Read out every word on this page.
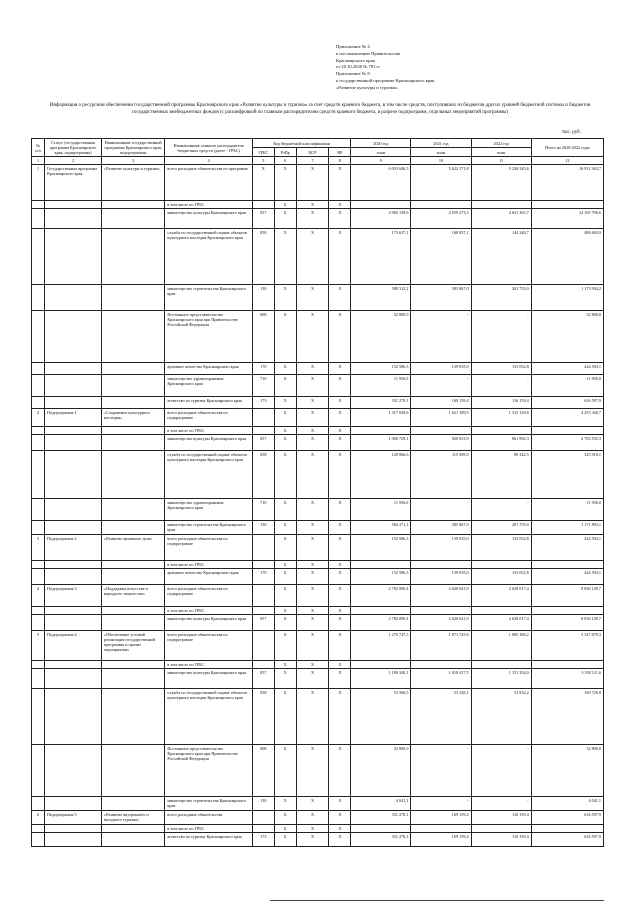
Приложение № 4
к постановлению Правительства
Красноярского края
от 20.10.2020 № 781-п
Приложение № 8
к государственной программе Красноярского края
«Развитие культуры и туризма»
Информация о ресурсном обеспечении государственной программы Красноярского края «Развитие культуры и туризма» за счет средств краевого бюджета, в том числе средств, поступивших из бюджетов других уровней бюджетной системы и бюджетов государственных внебюджетных фондов (с расшифровкой по главным распорядителям средств краевого бюджета, в разрезе подпрограмм, отдельных мероприятий программы)
тыс. руб.
№ п/п	Статус (государственная программа Красноярского края, подпрограмма)	Наименование государственной программы Красноярского края, подпрограммы	Наименование главного распорядителя бюджетных средств (далее - ГРБС)	Код бюджетной классификации				2020 год	2021 год	2022 год	Итого на 2020-2022 годы
				ГРБС	РзПр	ЦСР	ВР	план	план	план	
1	2	3	4	5	6	7	8	9	10	11	12
1	Государственная программа Красноярского края	«Развитие культуры и туризма»	всего расходные обязательства по программе	Х	Х	Х	Х	6 053 646,5	5 622 171,8	5 236 545,6	16 912 363,7
			в том числе по ГРБС		Х	Х	Х				
			министерство культуры Красноярского края	057	Х	Х	Х	4 965 159,6	4 559 273,3	4 641 363,7	14 165 796,6
			служба по государственной охране объектов культурного наследия Красноярского края	058	Х	Х	Х	173 637,1	168 837,1	144 246,7	486 684,9
			министерство строительства Красноярского края	130	Х	Х	Х	588 312,2	383 867,0	201 755,0	1 173 934,2
			Постоянное представительство Красноярского края при Правительстве Российской Федерации	008	Х	Х	Х	32 800,0	-	-	32 800,0
			архивное агентство Красноярского края	170	Х	Х	Х	152 506,3	139 035,0	133 052,8	424 594,1
			министерство здравоохранения Красноярского края	710	Х	Х	Х	11 956,0	-	-	11 956,0
			агентство по туризму Красноярского края	173	Х	Х	Х	331 279,1	169 159,4	116 159,4	616 597,9
2	Подпрограмма 1	«Сохранение культурного наследия»	всего расходные обязательства по подпрограмме		Х	Х	Х	1 317 020,6	1 621 189,9	1 315 129,8	4 253 340,7
			в том числе по ГРБС		Х	Х	Х				
			министерство культуры Красноярского края	057	Х	Х	Х	1 000 729,1	920 813,9	861 992,3	2 783 535,3
			служба по государственной охране объектов культурного наследия Красноярского края	058	Х	Х	Х	120 066,6	115 509,0	90 342,5	325 918,1
			министерство здравоохранения Красноярского края	710	Х	Х	Х	11 956,0	-	-	11 956,0
			министерство строительства Красноярского края	130	Х	Х	Х	584 271,1	385 867,0	201 755,0	1 171 893,1
3	Подпрограмма 2	«Развитие архивного дела»	всего расходные обязательства по подпрограмме		Х	Х	Х	152 506,3	139 035,0	133 052,8	424 594,1
			в том числе по ГРБС		Х	Х	Х				
			архивное агентство Красноярского края	170	Х	Х	Х	152 506,3	139 035,0	133 052,8	424 594,1
4	Подпрограмма 3	«Поддержка искусства и народного творчества»	всего расходные обязательства по подпрограмме		Х	Х	Х	2 782 090,4	2 620 041,9	2 628 017,4	8 030 149,7
			в том числе по ГРБС		Х	Х	Х				
			министерство культуры Красноярского края	057	Х	Х	Х	2 782 090,4	2 620 041,9	2 628 017,4	8 030 149,7
5	Подпрограмма 4	«Обеспечение условий реализации государственной программы и прочие мероприятия»	всего расходные обязательства по подпрограмме		Х	Х	Х	1 270 747,3	1 071 745,6	1 005 186,2	3 347 679,3
			в том числе по ГРБС		Х	Х	Х				
			министерство культуры Красноярского края	057	Х	Х	Х	1 180 340,1	1 018 417,5	1 151 354,0	3 350 111,6
			служба по государственной охране объектов культурного наследия Красноярского края	058	Х	Х	Х	53 566,5	53 328,1	53 832,2	160 726,8
			Постоянное представительство Красноярского края при Правительстве Российской Федерации	008	Х	Х	Х	32 800,0	-	-	32 800,0
			министерство строительства Красноярского края	130	Х	Х	Х	4 041,1	-	-	4 041,1
6	Подпрограмма 5	«Развитие внутреннего и въездного туризма»	всего расходные обязательства		Х	Х	Х	331 279,1	169 159,4	116 159,4	616 597,9
			в том числе по ГРБС		Х	Х	Х				
			агентство по туризму Красноярского края	173	Х	Х	Х	331 279,1	169 159,4	116 159,4	616 597,9
